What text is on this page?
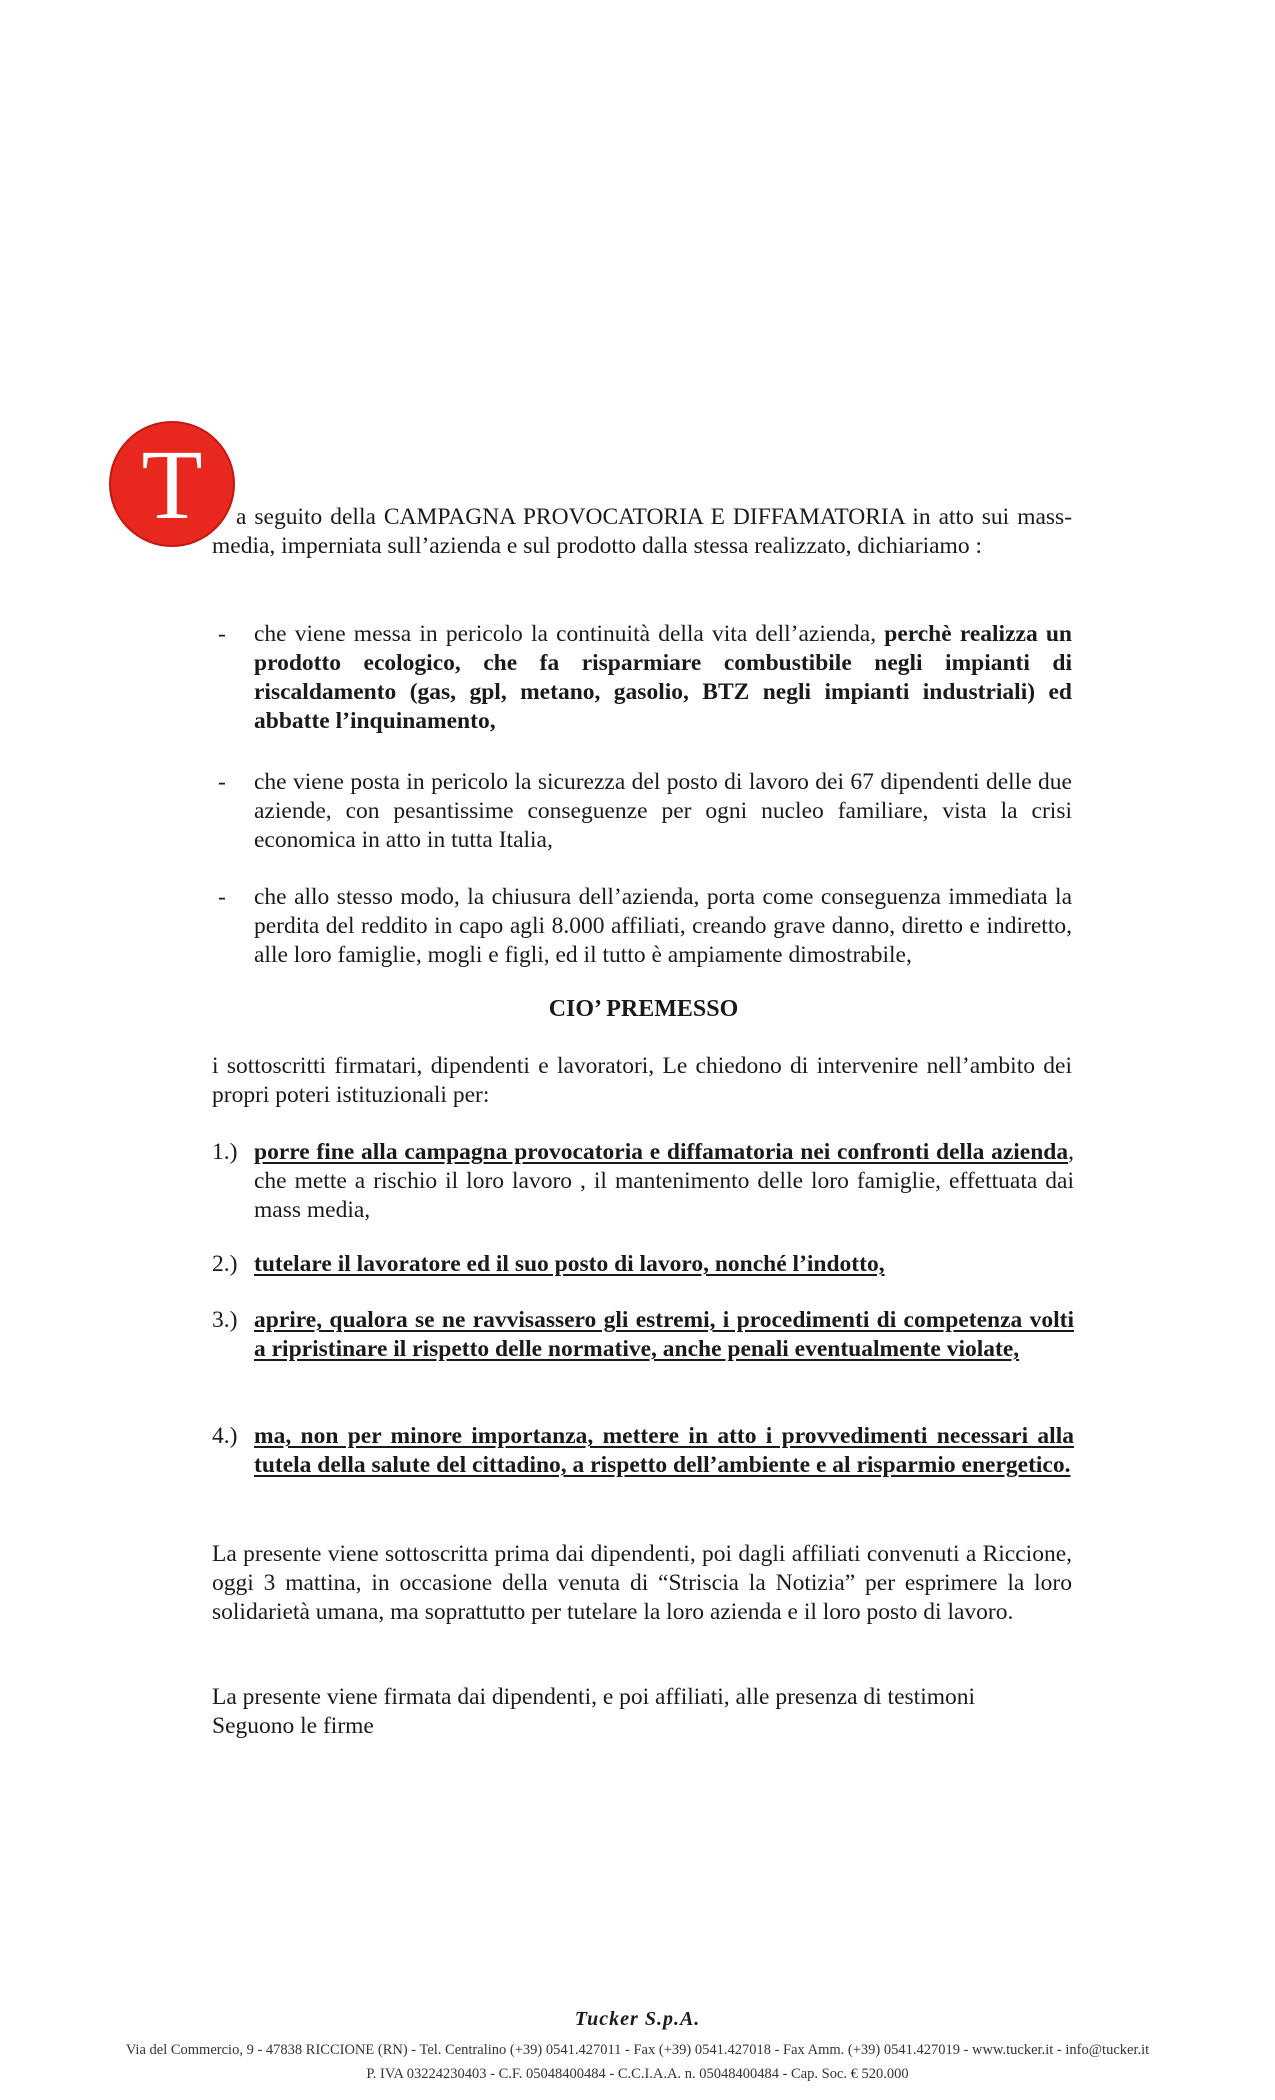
T	a seguito della CAMPAGNA PROVOCATORIA E DIFFAMATORIA in atto sui mass- media, imperniata sull’azienda e sul prodotto dalla stessa realizzato, dichiariamo :
- che viene messa in pericolo la continuità della vita dell’azienda, perchè realizza un prodotto ecologico, che fa risparmiare combustibile negli impianti di riscaldamento (gas, gpl, metano, gasolio, BTZ negli impianti industriali) ed abbatte l’inquinamento,
- che viene posta in pericolo la sicurezza del posto di lavoro dei 67 dipendenti delle due aziende, con pesantissime conseguenze per ogni nucleo familiare, vista la crisi economica in atto in tutta Italia,
- che allo stesso modo, la chiusura dell’azienda, porta come conseguenza immediata la perdita del reddito in capo agli 8.000 affiliati, creando grave danno, diretto e indiretto, alle loro famiglie, mogli e figli, ed il tutto è ampiamente dimostrabile,
CIO’ PREMESSO
i sottoscritti firmatari, dipendenti e lavoratori, Le chiedono di intervenire nell’ambito dei propri poteri istituzionali per:
1.) porre fine alla campagna provocatoria e diffamatoria nei confronti della azienda, che mette a rischio il loro lavoro , il mantenimento delle loro famiglie, effettuata dai mass media,
2.) tutelare il lavoratore ed il suo posto di lavoro, nonché l’indotto,
3.) aprire, qualora se ne ravvisassero gli estremi, i procedimenti di competenza volti a ripristinare il rispetto delle normative, anche penali eventualmente violate,
4.) ma, non per minore importanza, mettere in atto i provvedimenti necessari alla tutela della salute del cittadino, a rispetto dell’ambiente e al risparmio energetico.
La presente viene sottoscritta prima dai dipendenti, poi dagli affiliati convenuti a Riccione, oggi 3 mattina, in occasione della venuta di “Striscia la Notizia” per esprimere la loro solidarietà umana, ma soprattutto per tutelare la loro azienda e il loro posto di lavoro.
La presente viene firmata dai dipendenti, e poi affiliati, alle presenza di testimoni
Seguono le firme
Tucker S.p.A.
Via del Commercio, 9 - 47838 RICCIONE (RN) - Tel. Centralino (+39) 0541.427011 - Fax (+39) 0541.427018 - Fax Amm. (+39) 0541.427019 - www.tucker.it - info@tucker.it
P. IVA 03224230403 - C.F. 05048400484 - C.C.I.A.A. n. 05048400484 - Cap. Soc. € 520.000
